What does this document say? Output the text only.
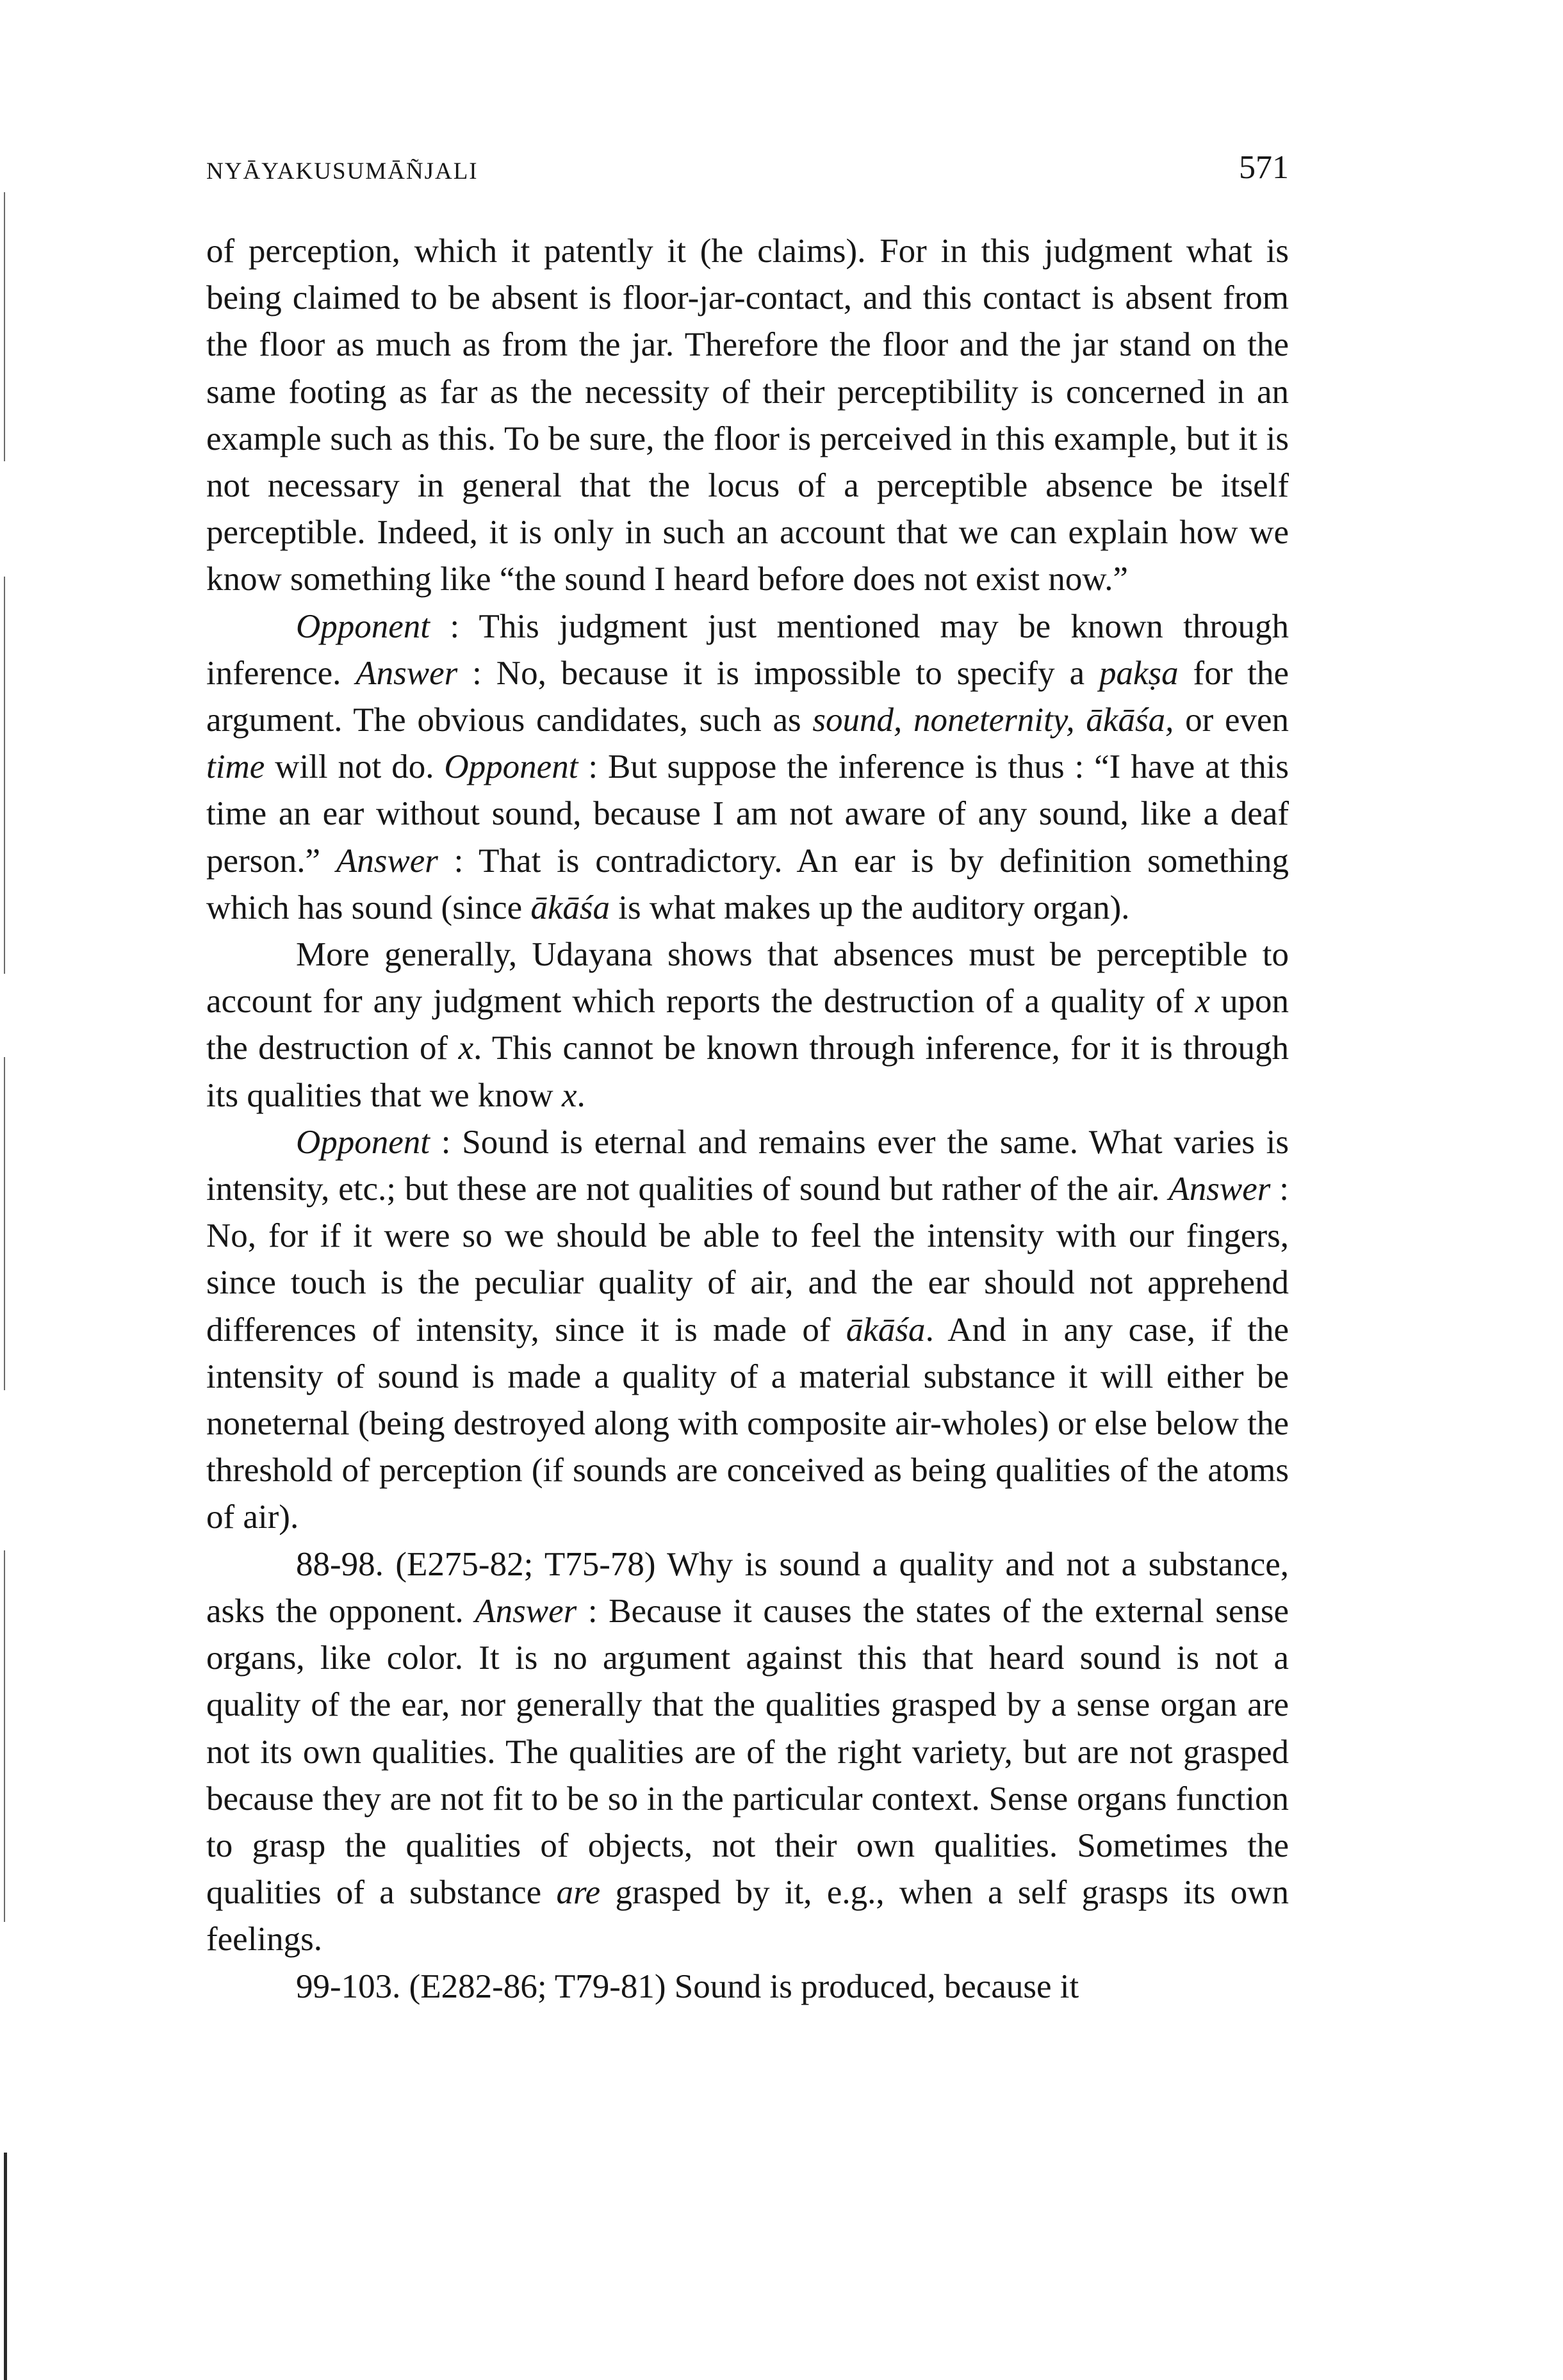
NYĀYAKUSUMĀÑJALI	571

of perception, which it patently it (he claims). For in this judgment what is being claimed to be absent is floor-jar-contact, and this contact is absent from the floor as much as from the jar. Therefore the floor and the jar stand on the same footing as far as the necessity of their perceptibility is concerned in an example such as this. To be sure, the floor is perceived in this example, but it is not necessary in general that the locus of a perceptible absence be itself perceptible. Indeed, it is only in such an account that we can explain how we know something like “the sound I heard before does not exist now.”

Opponent : This judgment just mentioned may be known through inference. Answer : No, because it is impossible to specify a pakṣa for the argument. The obvious candidates, such as sound, noneternity, ākāśa, or even time will not do. Opponent : But suppose the inference is thus : “I have at this time an ear without sound, because I am not aware of any sound, like a deaf person.” Answer : That is contradictory. An ear is by definition something which has sound (since ākāśa is what makes up the auditory organ).

More generally, Udayana shows that absences must be perceptible to account for any judgment which reports the destruction of a quality of x upon the destruction of x. This cannot be known through inference, for it is through its qualities that we know x.

Opponent : Sound is eternal and remains ever the same. What varies is intensity, etc.; but these are not qualities of sound but rather of the air. Answer : No, for if it were so we should be able to feel the intensity with our fingers, since touch is the peculiar quality of air, and the ear should not apprehend differences of intensity, since it is made of ākāśa. And in any case, if the intensity of sound is made a quality of a material substance it will either be noneternal (being destroyed along with composite air-wholes) or else below the threshold of perception (if sounds are conceived as being qualities of the atoms of air).

88-98. (E275-82; T75-78) Why is sound a quality and not a substance, asks the opponent. Answer : Because it causes the states of the external sense organs, like color. It is no argument against this that heard sound is not a quality of the ear, nor generally that the qualities grasped by a sense organ are not its own qualities. The qualities are of the right variety, but are not grasped because they are not fit to be so in the particular context. Sense organs function to grasp the qualities of objects, not their own qualities. Sometimes the qualities of a substance are grasped by it, e.g., when a self grasps its own feelings.

99-103. (E282-86; T79-81) Sound is produced, because it
